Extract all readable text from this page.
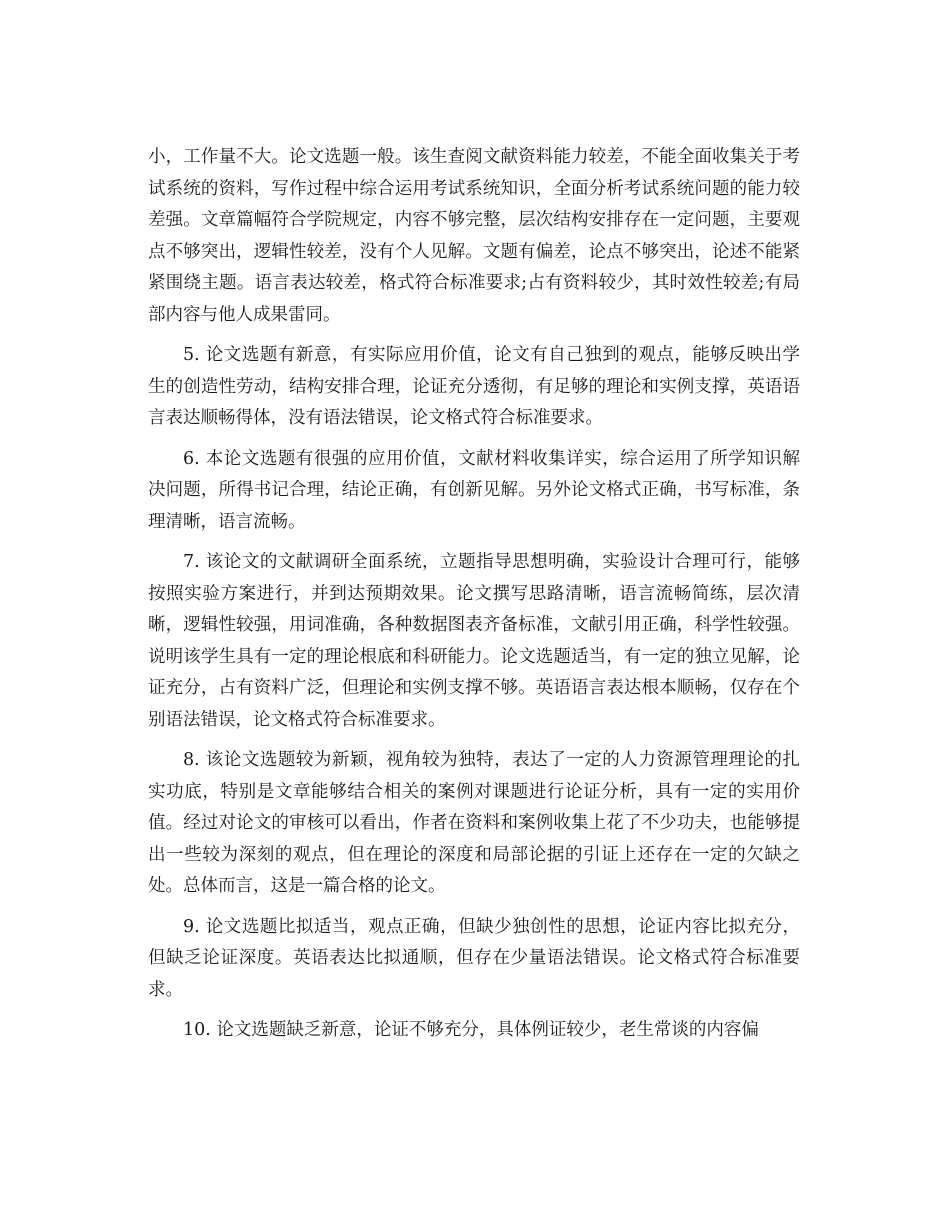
小，工作量不大。论文选题一般。该生查阅文献资料能力较差，不能全面收集关于考试系统的资料，写作过程中综合运用考试系统知识，全面分析考试系统问题的能力较差强。文章篇幅符合学院规定，内容不够完整，层次结构安排存在一定问题，主要观点不够突出，逻辑性较差，没有个人见解。文题有偏差，论点不够突出，论述不能紧紧围绕主题。语言表达较差，格式符合标准要求;占有资料较少，其时效性较差;有局部内容与他人成果雷同。

5. 论文选题有新意，有实际应用价值，论文有自己独到的观点，能够反映出学生的创造性劳动，结构安排合理，论证充分透彻，有足够的理论和实例支撑，英语语言表达顺畅得体，没有语法错误，论文格式符合标准要求。

6. 本论文选题有很强的应用价值，文献材料收集详实，综合运用了所学知识解决问题，所得书记合理，结论正确，有创新见解。另外论文格式正确，书写标准，条理清晰，语言流畅。

7. 该论文的文献调研全面系统，立题指导思想明确，实验设计合理可行，能够按照实验方案进行，并到达预期效果。论文撰写思路清晰，语言流畅简练，层次清晰，逻辑性较强，用词准确，各种数据图表齐备标准，文献引用正确，科学性较强。说明该学生具有一定的理论根底和科研能力。论文选题适当，有一定的独立见解，论证充分，占有资料广泛，但理论和实例支撑不够。英语语言表达根本顺畅，仅存在个别语法错误，论文格式符合标准要求。

8. 该论文选题较为新颖，视角较为独特，表达了一定的人力资源管理理论的扎实功底，特别是文章能够结合相关的案例对课题进行论证分析，具有一定的实用价值。经过对论文的审核可以看出，作者在资料和案例收集上花了不少功夫，也能够提出一些较为深刻的观点，但在理论的深度和局部论据的引证上还存在一定的欠缺之处。总体而言，这是一篇合格的论文。

9. 论文选题比拟适当，观点正确，但缺少独创性的思想，论证内容比拟充分，但缺乏论证深度。英语表达比拟通顺，但存在少量语法错误。论文格式符合标准要求。

10. 论文选题缺乏新意，论证不够充分，具体例证较少，老生常谈的内容偏
